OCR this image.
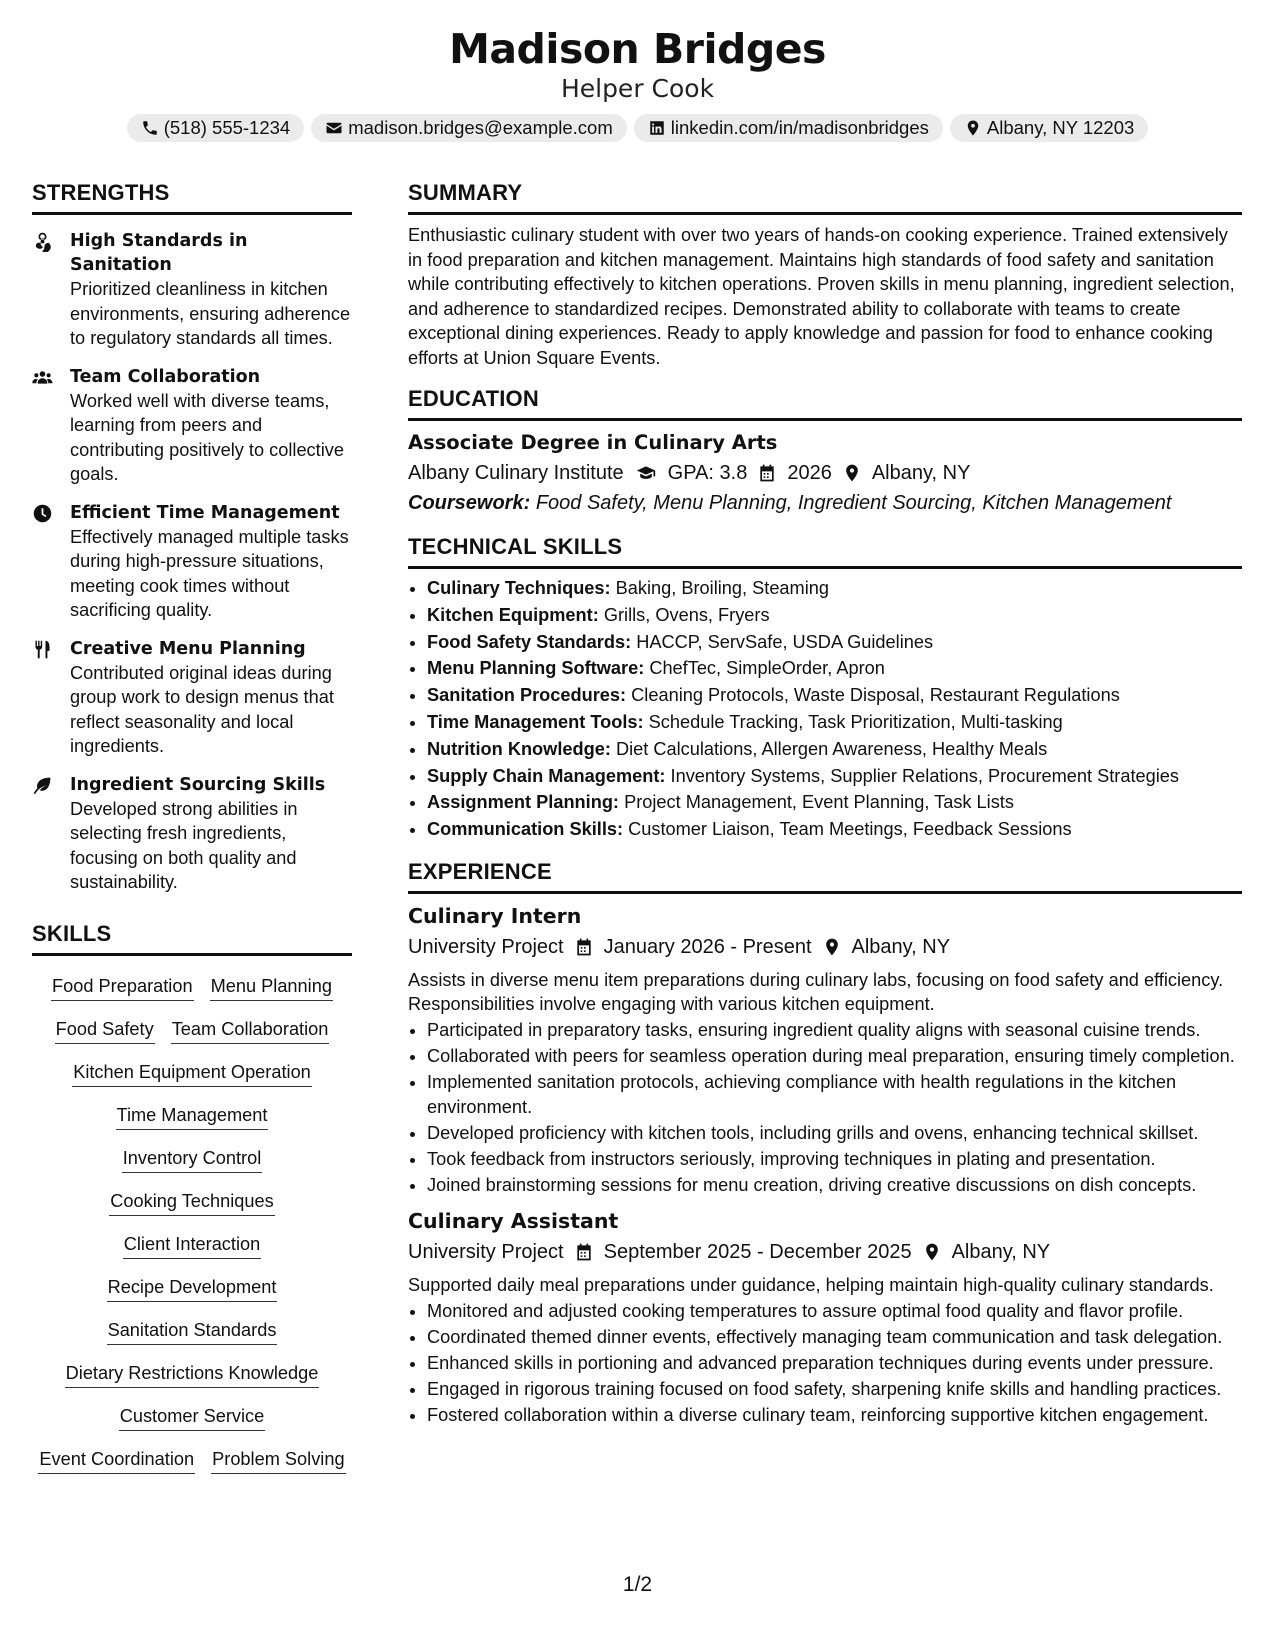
Madison Bridges
Helper Cook
(518) 555-1234	madison.bridges@example.com	linkedin.com/in/madisonbridges	Albany, NY 12203
STRENGTHS
High Standards in Sanitation
Prioritized cleanliness in kitchen environments, ensuring adherence to regulatory standards all times.
Team Collaboration
Worked well with diverse teams, learning from peers and contributing positively to collective goals.
Efficient Time Management
Effectively managed multiple tasks during high-pressure situations, meeting cook times without sacrificing quality.
Creative Menu Planning
Contributed original ideas during group work to design menus that reflect seasonality and local ingredients.
Ingredient Sourcing Skills
Developed strong abilities in selecting fresh ingredients, focusing on both quality and sustainability.
SKILLS
Food Preparation Menu Planning
Food Safety Team Collaboration
Kitchen Equipment Operation
Time Management
Inventory Control
Cooking Techniques
Client Interaction
Recipe Development
Sanitation Standards
Dietary Restrictions Knowledge
Customer Service
Event Coordination Problem Solving
SUMMARY
Enthusiastic culinary student with over two years of hands-on cooking experience. Trained extensively in food preparation and kitchen management. Maintains high standards of food safety and sanitation while contributing effectively to kitchen operations. Proven skills in menu planning, ingredient selection, and adherence to standardized recipes. Demonstrated ability to collaborate with teams to create exceptional dining experiences. Ready to apply knowledge and passion for food to enhance cooking efforts at Union Square Events.
EDUCATION
Associate Degree in Culinary Arts
Albany Culinary Institute GPA: 3.8 2026 Albany, NY
Coursework: Food Safety, Menu Planning, Ingredient Sourcing, Kitchen Management
TECHNICAL SKILLS
• Culinary Techniques: Baking, Broiling, Steaming
• Kitchen Equipment: Grills, Ovens, Fryers
• Food Safety Standards: HACCP, ServSafe, USDA Guidelines
• Menu Planning Software: ChefTec, SimpleOrder, Apron
• Sanitation Procedures: Cleaning Protocols, Waste Disposal, Restaurant Regulations
• Time Management Tools: Schedule Tracking, Task Prioritization, Multi-tasking
• Nutrition Knowledge: Diet Calculations, Allergen Awareness, Healthy Meals
• Supply Chain Management: Inventory Systems, Supplier Relations, Procurement Strategies
• Assignment Planning: Project Management, Event Planning, Task Lists
• Communication Skills: Customer Liaison, Team Meetings, Feedback Sessions
EXPERIENCE
Culinary Intern
University Project January 2026 - Present Albany, NY
Assists in diverse menu item preparations during culinary labs, focusing on food safety and efficiency. Responsibilities involve engaging with various kitchen equipment.
• Participated in preparatory tasks, ensuring ingredient quality aligns with seasonal cuisine trends.
• Collaborated with peers for seamless operation during meal preparation, ensuring timely completion.
• Implemented sanitation protocols, achieving compliance with health regulations in the kitchen environment.
• Developed proficiency with kitchen tools, including grills and ovens, enhancing technical skillset.
• Took feedback from instructors seriously, improving techniques in plating and presentation.
• Joined brainstorming sessions for menu creation, driving creative discussions on dish concepts.
Culinary Assistant
University Project September 2025 - December 2025 Albany, NY
Supported daily meal preparations under guidance, helping maintain high-quality culinary standards.
• Monitored and adjusted cooking temperatures to assure optimal food quality and flavor profile.
• Coordinated themed dinner events, effectively managing team communication and task delegation.
• Enhanced skills in portioning and advanced preparation techniques during events under pressure.
• Engaged in rigorous training focused on food safety, sharpening knife skills and handling practices.
• Fostered collaboration within a diverse culinary team, reinforcing supportive kitchen engagement.
1/2
